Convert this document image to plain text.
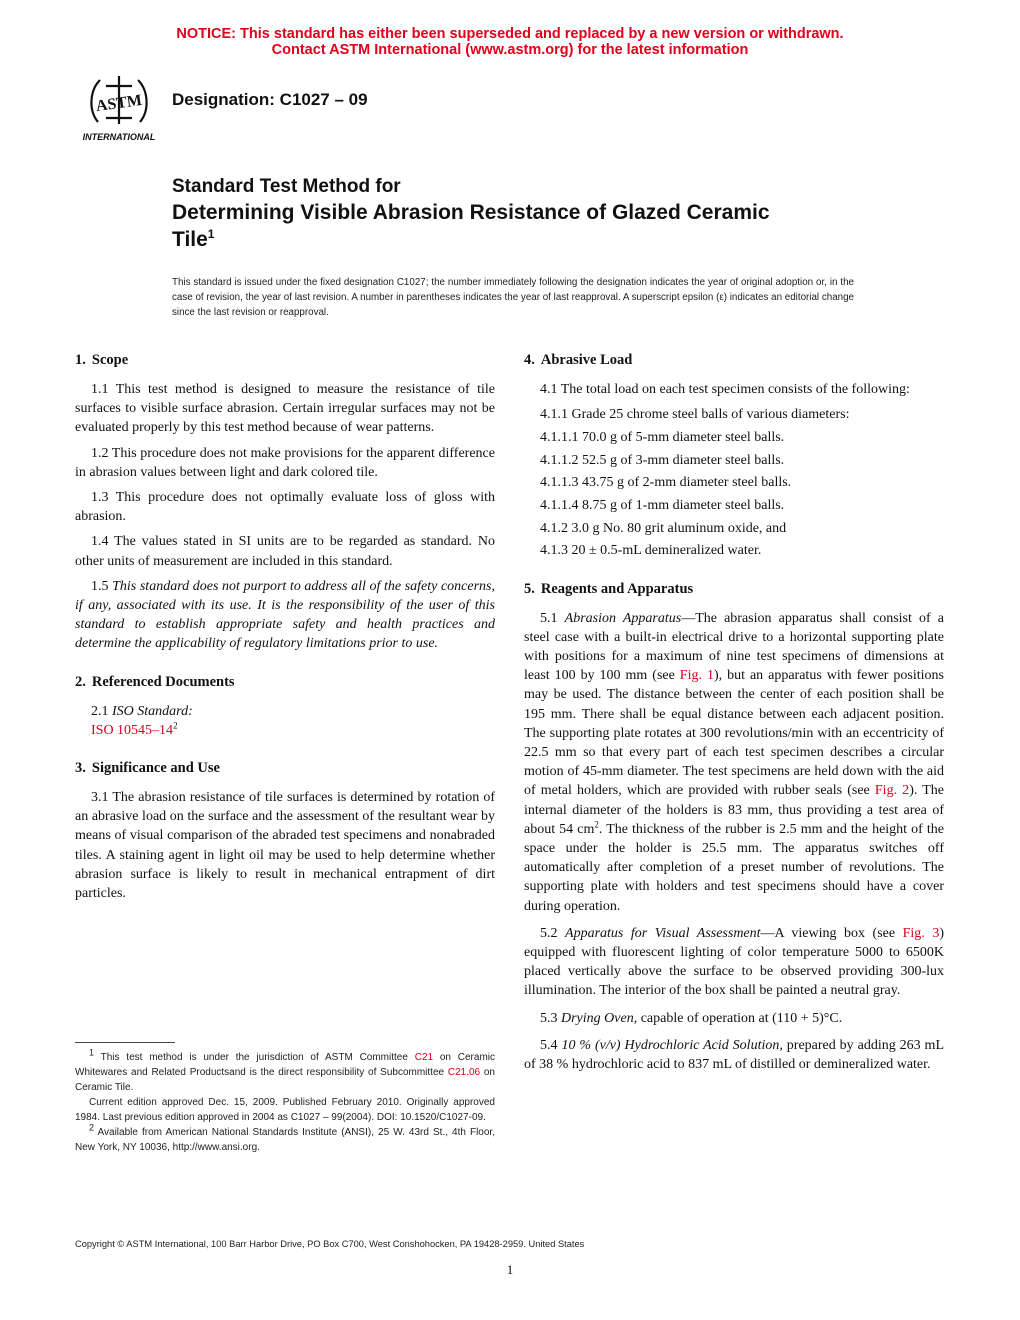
NOTICE: This standard has either been superseded and replaced by a new version or withdrawn.
Contact ASTM International (www.astm.org) for the latest information
ASTM
INTERNATIONAL
Designation: C1027 – 09
Standard Test Method for
Determining Visible Abrasion Resistance of Glazed Ceramic
Tile$^1$
This standard is issued under the fixed designation C1027; the number immediately following the designation indicates the year of original adoption or, in the case of revision, the year of last revision. A number in parentheses indicates the year of last reapproval. A superscript epsilon (ε) indicates an editorial change since the last revision or reapproval.
1. Scope

1.1 This test method is designed to measure the resistance of tile surfaces to visible surface abrasion. Certain irregular surfaces may not be evaluated properly by this test method because of wear patterns.

1.2 This procedure does not make provisions for the apparent difference in abrasion values between light and dark colored tile.

1.3 This procedure does not optimally evaluate loss of gloss with abrasion.

1.4 The values stated in SI units are to be regarded as standard. No other units of measurement are included in this standard.

1.5 This standard does not purport to address all of the safety concerns, if any, associated with its use. It is the responsibility of the user of this standard to establish appropriate safety and health practices and determine the applicability of regulatory limitations prior to use.

2. Referenced Documents

2.1 ISO Standard:

ISO $10545-14^2$

3. Significance and Use

3.1 The abrasion resistance of tile surfaces is determined by rotation of an abrasive load on the surface and the assessment of the resultant wear by means of visual comparison of the abraded test specimens and nonabraded tiles. A staining agent in light oil may be used to help determine whether abrasion surface is likely to result in mechanical entrapment of dirt particles.

4. Abrasive Load

4.1 The total load on each test specimen consists of the following:

4.1.1 Grade 25 chrome steel balls of various diameters:
4.1.1.1 70.0 g of 5-mm diameter steel balls.
4.1.1.2 52.5 g of 3-mm diameter steel balls.
4.1.1.3 43.75 g of 2-mm diameter steel balls.
4.1.1.4 8.75 g of 1-mm diameter steel balls.
4.1.2 3.0 g No. 80 grit aluminum oxide, and
4.1.3 20 ± 0.5-mL demineralized water.
5. Reagents and Apparatus

5.1 Abrasion Apparatus—The abrasion apparatus shall consist of a steel case with a built-in electrical drive to a horizontal supporting plate with positions for a maximum of nine test specimens of dimensions at least 100 by 100 mm (see Fig. 1), but an apparatus with fewer positions may be used. The distance between the center of each position shall be 195 mm. There shall be equal distance between each adjacent position. The supporting plate rotates at 300 revolutions/min with an eccentricity of 22.5 mm so that every part of each test specimen describes a circular motion of 45-mm diameter. The test specimens are held down with the aid of metal holders, which are provided with rubber seals (see Fig. 2). The internal diameter of the holders is 83 mm, thus providing a test area of about 54 $cm^2$. The thickness of the rubber is 2.5 mm and the height of the space under the holder is 25.5 mm. The apparatus switches off automatically after completion of a preset number of revolutions. The supporting plate with holders and test specimens should have a cover during operation.

5.2 Apparatus for Visual Assessment—A viewing box (see Fig. 3) equipped with fluorescent lighting of color temperature 5000 to 6500K placed vertically above the surface to be observed providing 300-lux illumination. The interior of the box shall be painted a neutral gray.

5.3 Drying Oven, capable of operation at (110 + 5)°C.

5.4 10 % (v/v) Hydrochloric Acid Solution, prepared by adding 263 mL of 38 % hydrochloric acid to 837 mL of distilled or demineralized water.

$^1$ This test method is under the jurisdiction of ASTM Committee C21 on Ceramic Whitewares and Related Productsand is the direct responsibility of Subcommittee C21.06 on Ceramic Tile.

Current edition approved Dec. 15, 2009. Published February 2010. Originally approved 1984. Last previous edition approved in 2004 as C1027 – 99(2004). DOI: 10.1520/C1027-09.

$^2$ Available from American National Standards Institute (ANSI), 25 W. 43rd St., 4th Floor, New York, NY 10036, http://www.ansi.org.

Copyright © ASTM International, 100 Barr Harbor Drive, PO Box C700, West Conshohocken, PA 19428-2959. United States
1
